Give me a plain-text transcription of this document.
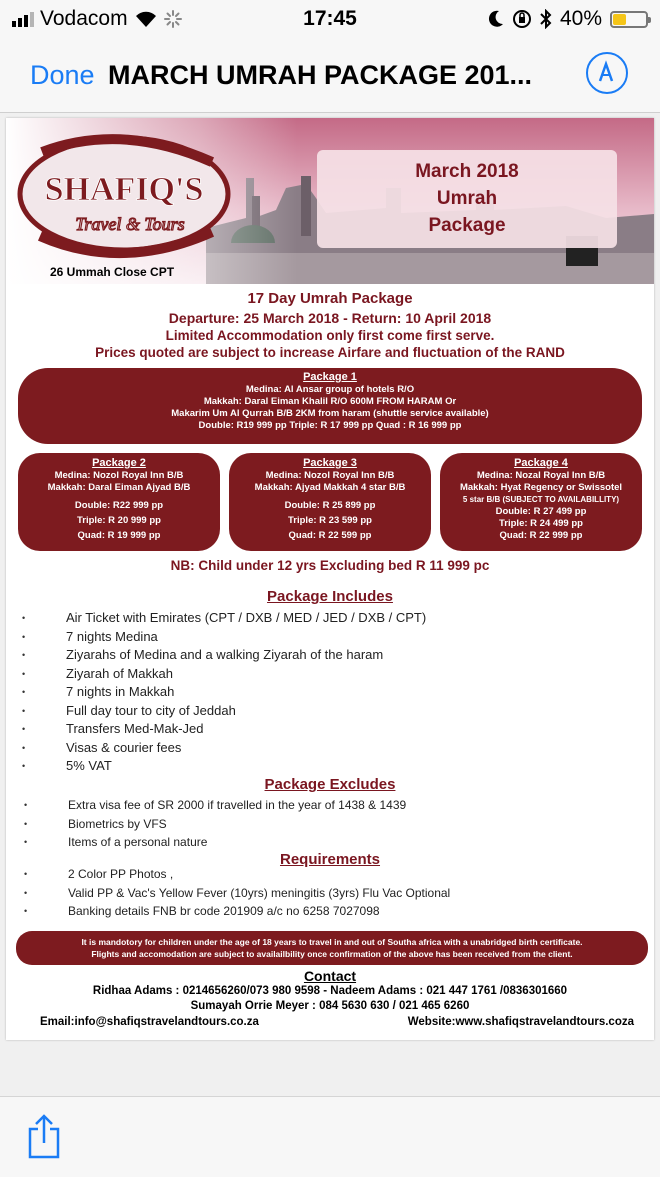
Vodacom	17:45	40%
Done MARCH UMRAH PACKAGE 201...
SHAFIQ'S
Travel & Tours
26 Ummah Close CPT
March 2018
Umrah
Package
17 Day Umrah Package
Departure: 25 March 2018 - Return: 10 April 2018
Limited Accommodation only first come first serve.
Prices quoted are subject to increase Airfare and fluctuation of the RAND
Package 1
Medina: Al Ansar group of hotels R/O
Makkah: Daral Eiman Khalil R/O 600M FROM HARAM Or
Makarim Um Al Qurrah B/B 2KM from haram (shuttle service available)
Double: R19 999 pp Triple: R 17 999 pp Quad : R 16 999 pp
Package 2
Medina: Nozol Royal Inn B/B
Makkah: Daral Eiman Ajyad B/B
Double: R22 999 pp
Triple: R 20 999 pp
Quad: R 19 999 pp
Package 3
Medina: Nozol Royal Inn B/B
Makkah: Ajyad Makkah 4 star B/B
Double: R 25 899 pp
Triple: R 23 599 pp
Quad: R 22 599 pp
Package 4
Medina: Nozal Royal Inn B/B
Makkah: Hyat Regency or Swissotel
5 star B/B (SUBJECT TO AVAILABILLITY)
Double: R 27 499 pp
Triple: R 24 499 pp
Quad: R 22 999 pp
NB: Child under 12 yrs Excluding bed R 11 999 pc
Package Includes
• Air Ticket with Emirates (CPT / DXB / MED / JED / DXB / CPT)
• 7 nights Medina
• Ziyarahs of Medina and a walking Ziyarah of the haram
• Ziyarah of Makkah
• 7 nights in Makkah
• Full day tour to city of Jeddah
• Transfers Med-Mak-Jed
• Visas & courier fees
• 5% VAT
Package Excludes
• Extra visa fee of SR 2000 if travelled in the year of 1438 & 1439
• Biometrics by VFS
• Items of a personal nature
Requirements
• 2 Color PP Photos ,
• Valid PP & Vac's Yellow Fever (10yrs) meningitis (3yrs) Flu Vac Optional
• Banking details FNB br code 201909 a/c no 6258 7027098
It is mandotory for children under the age of 18 years to travel in and out of Southa africa with a unabridged birth certificate.
Flights and accomodation are subject to availailbility once confirmation of the above has been received from the client.
Contact
Ridhaa Adams : 0214656260/073 980 9598 - Nadeem Adams : 021 447 1761 /0836301660
Sumayah Orrie Meyer : 084 5630 630 / 021 465 6260
Email:info@shafiqstravelandtours.co.za	Website:www.shafiqstravelandtours.coza
